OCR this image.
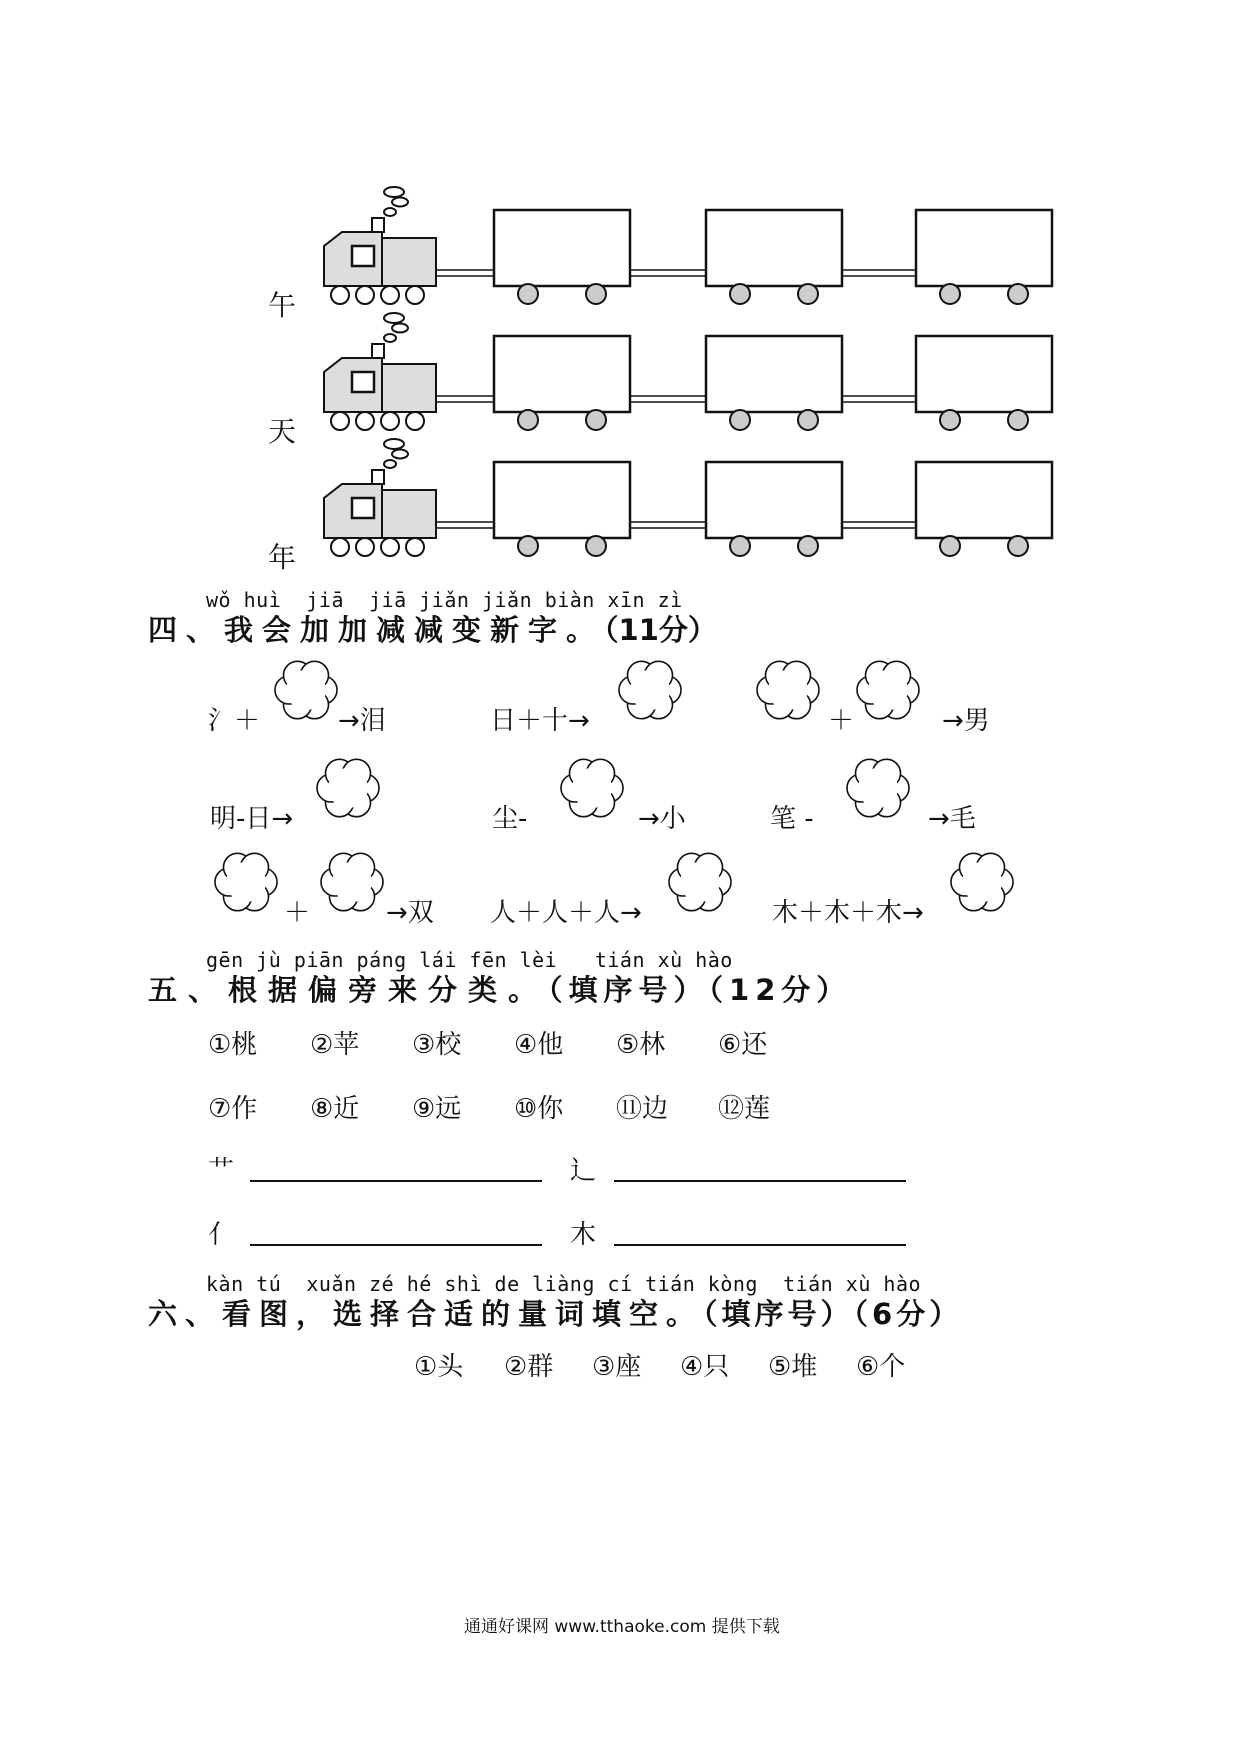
午
天
年
wǒ huì jiā jiā jiǎn jiǎn biàn xīn zì
四、我会加加减减变新字。（11分）
氵＋	→泪	日＋十→	＋	→男
明-日→	尘-	→小	笔 -	→毛
＋	→双 人＋人＋人→	木＋木＋木→
gēn jù piān páng lái fēn lèi tián xù hào
五、根据偏旁来分类。（填序号）（12分）
①桃 ②苹 ③校 ④他 ⑤林 ⑥还
⑦作 ⑧近 ⑨远 ⑩你 ⑪边 ⑫莲
艹	辶
亻	木
kàn tú xuǎn zé hé shì de liàng cí tián kòng tián xù hào
六、看图，选择合适的量词填空。（填序号）（6分）
①头 ②群 ③座 ④只 ⑤堆 ⑥个
通通好课网 www.tthaoke.com 提供下载
